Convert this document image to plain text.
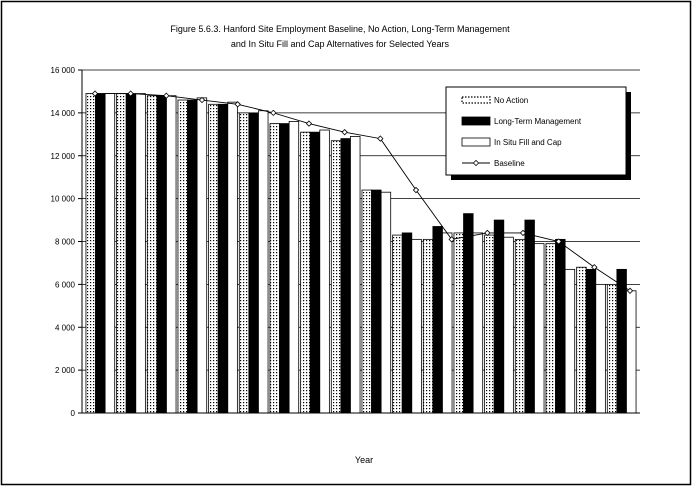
Figure 5.6.3. Hanford Site Employment Baseline, No Action, Long-Term Management
and In Situ Fill and Cap Alternatives for Selected Years
0
2 000
4 000
6 000
8 000
10 000
12 000
14 000
16 000
Year
No Action
Long-Term Management
In Situ Fill and Cap
Baseline
